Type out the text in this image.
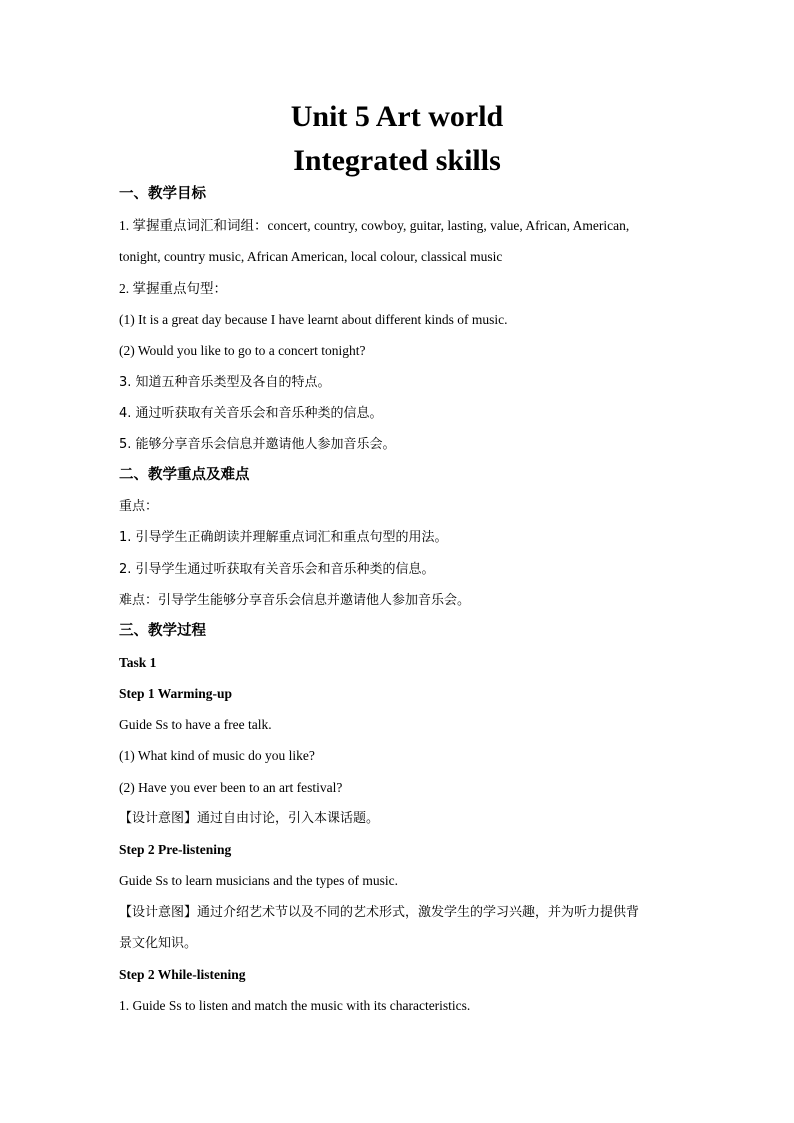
Unit 5 Art world
Integrated skills
一、教学目标
1. 掌握重点词汇和词组：concert, country, cowboy, guitar, lasting, value, African, American,
tonight, country music, African American, local colour, classical music
2. 掌握重点句型：
(1) It is a great day because I have learnt about different kinds of music.
(2) Would you like to go to a concert tonight?
3. 知道五种音乐类型及各自的特点。
4. 通过听获取有关音乐会和音乐种类的信息。
5. 能够分享音乐会信息并邀请他人参加音乐会。
二、教学重点及难点
重点：
1. 引导学生正确朗读并理解重点词汇和重点句型的用法。
2. 引导学生通过听获取有关音乐会和音乐种类的信息。
难点：引导学生能够分享音乐会信息并邀请他人参加音乐会。
三、教学过程
Task 1
Step 1 Warming-up
Guide Ss to have a free talk.
(1) What kind of music do you like?
(2) Have you ever been to an art festival?
【设计意图】通过自由讨论，引入本课话题。
Step 2 Pre-listening
Guide Ss to learn musicians and the types of music.
【设计意图】通过介绍艺术节以及不同的艺术形式，激发学生的学习兴趣，并为听力提供背
景文化知识。
Step 2 While-listening
1. Guide Ss to listen and match the music with its characteristics.
